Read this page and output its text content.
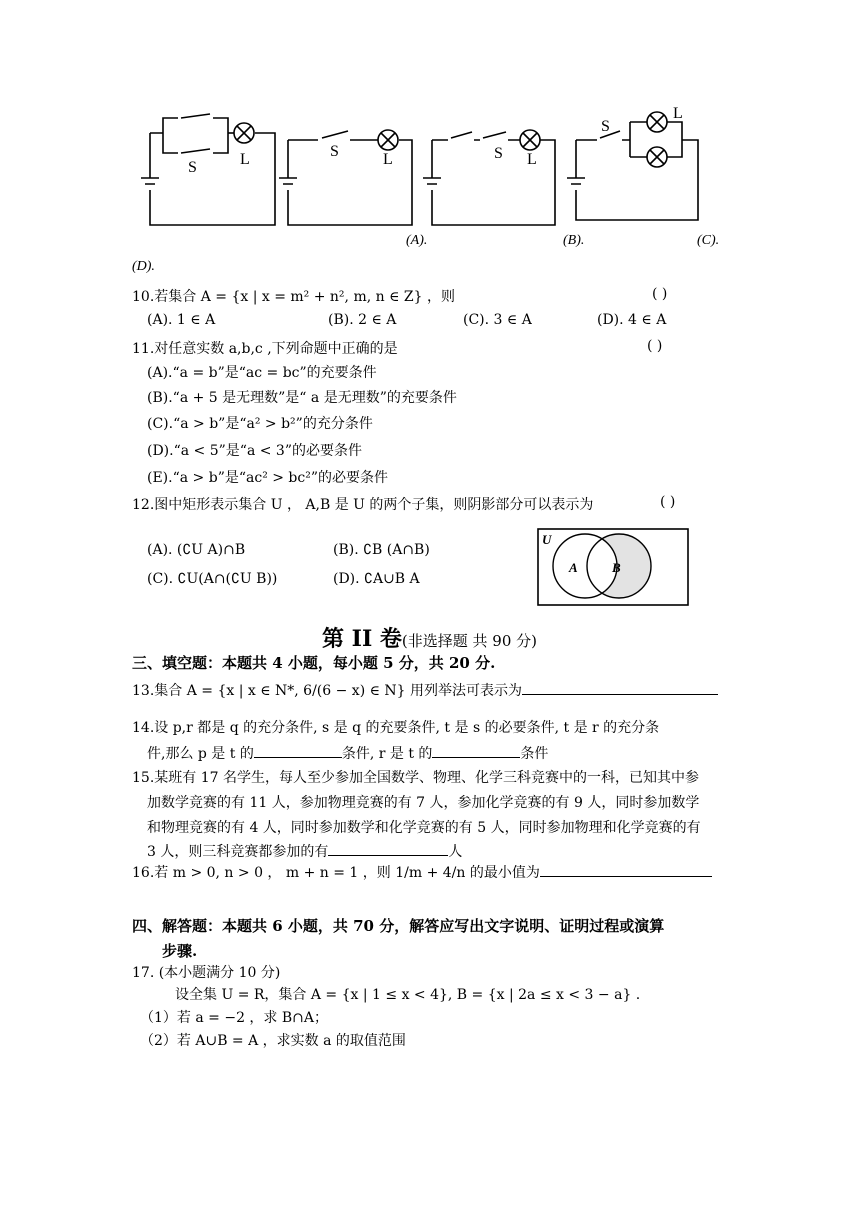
S	L	S	L	S L
S
L
(A).	(B).	(C).
(D).
10.若集合 A = {x | x = m² + n², m, n ∈ Z} ，则	( )
(A). 1 ∈ A	(B). 2 ∈ A	(C). 3 ∈ A	(D). 4 ∈ A
11.对任意实数 a,b,c ,下列命题中正确的是	( )
(A).“a = b”是“ac = bc”的充要条件
(B).“a + 5 是无理数”是“ a 是无理数”的充要条件
(C).“a > b”是“a² > b²”的充分条件
(D).“a < 5”是“a < 3”的必要条件
(E).“a > b”是“ac² > bc²”的必要条件
12.图中矩形表示集合 U ， A,B 是 U 的两个子集，则阴影部分可以表示为	( )
(A). (∁U A)∩B	(B). ∁B (A∩B)
(C). ∁U(A∩(∁U B))	(D). ∁A∪B A
U
A	B
第 II 卷(非选择题 共 90 分)
三、填空题：本题共 4 小题，每小题 5 分，共 20 分.
13.集合 A = {x | x ∈ N*, 6/(6 − x) ∈ N} 用列举法可表示为
14.设 p,r 都是 q 的充分条件, s 是 q 的充要条件, t 是 s 的必要条件, t 是 r 的充分条
件,那么 p 是 t 的	条件, r 是 t 的	条件
15.某班有 17 名学生，每人至少参加全国数学、物理、化学三科竞赛中的一科，已知其中参
加数学竞赛的有 11 人，参加物理竞赛的有 7 人，参加化学竞赛的有 9 人，同时参加数学
和物理竞赛的有 4 人，同时参加数学和化学竞赛的有 5 人，同时参加物理和化学竞赛的有
3 人，则三科竞赛都参加的有	人
16.若 m > 0, n > 0 ， m + n = 1 ，则 1/m + 4/n 的最小值为
四、解答题：本题共 6 小题，共 70 分，解答应写出文字说明、证明过程或演算
步骤.
17. (本小题满分 10 分)
设全集 U = R，集合 A = {x | 1 ≤ x < 4}, B = {x | 2a ≤ x < 3 − a} .
（1）若 a = −2 ，求 B∩A；
（2）若 A∪B = A ，求实数 a 的取值范围
